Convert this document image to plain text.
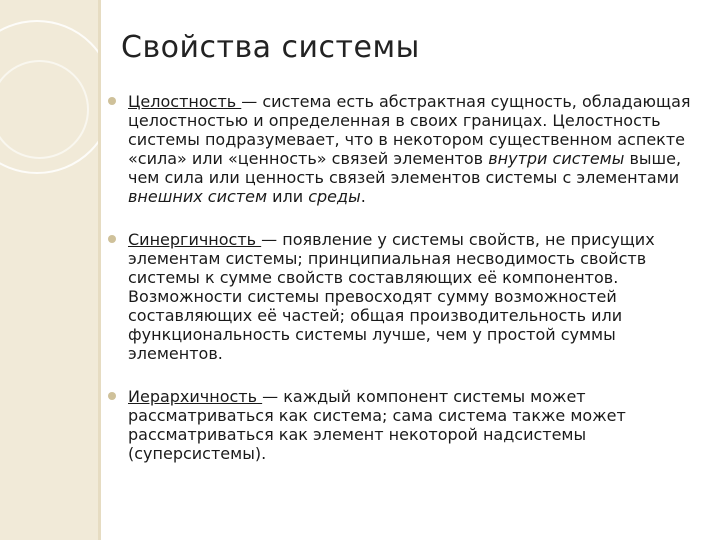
Свойства системы
Целостность — система есть абстрактная сущность, обладающая целостностью и определенная в своих границах. Целостность системы подразумевает, что в некотором существенном аспекте «сила» или «ценность» связей элементов внутри системы выше, чем сила или ценность связей элементов системы с элементами внешних систем или среды.
Синергичность — появление у системы свойств, не присущих элементам системы; принципиальная несводимость свойств системы к сумме свойств составляющих её компонентов. Возможности системы превосходят сумму возможностей составляющих её частей; общая производительность или функциональность системы лучше, чем у простой суммы элементов.
Иерархичность — каждый компонент системы может рассматриваться как система; сама система также может рассматриваться как элемент некоторой надсистемы (суперсистемы).
